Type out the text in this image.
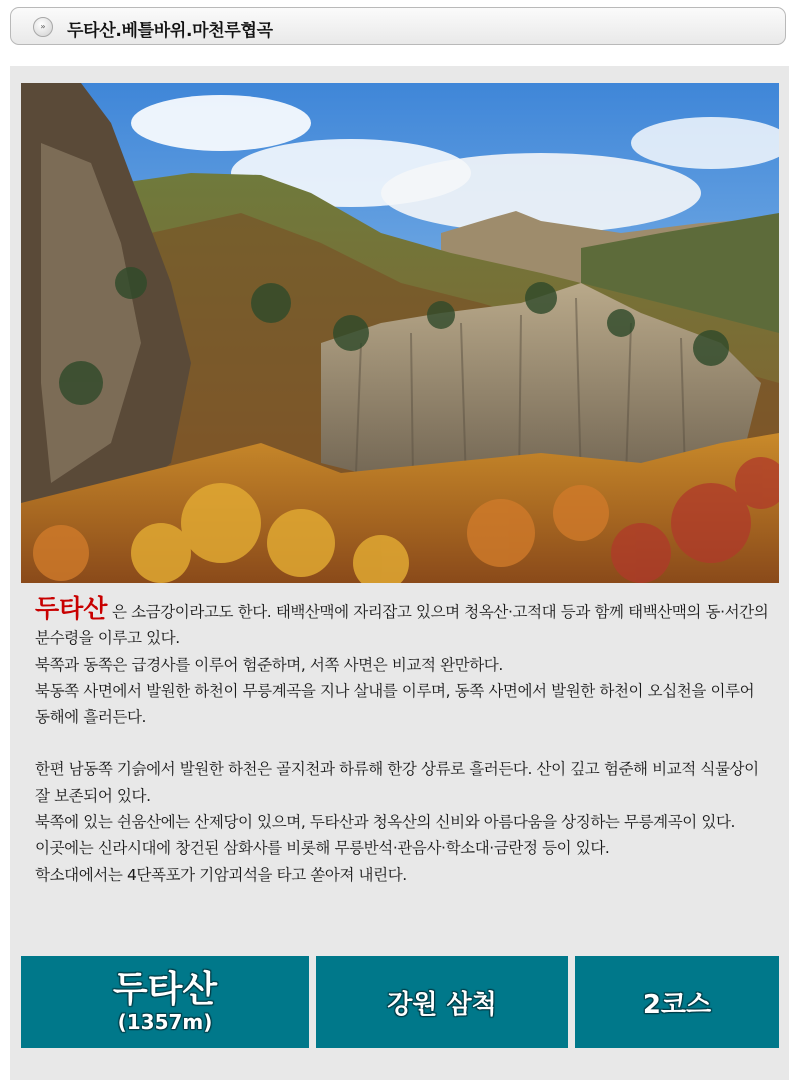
»	두타산.베틀바위.마천루협곡

두타산 은 소금강이라고도 한다. 태백산맥에 자리잡고 있으며 청옥산·고적대 등과 함께 태백산맥의 동·서간의 분수령을 이루고 있다.

북쪽과 동쪽은 급경사를 이루어 험준하며, 서쪽 사면은 비교적 완만하다.

북동쪽 사면에서 발원한 하천이 무릉계곡을 지나 살내를 이루며, 동쪽 사면에서 발원한 하천이 오십천을 이루어 동해에 흘러든다.

한편 남동쪽 기슭에서 발원한 하천은 골지천과 하류해 한강 상류로 흘러든다. 산이 깊고 험준해 비교적 식물상이 잘 보존되어 있다.

북쪽에 있는 쉰움산에는 산제당이 있으며, 두타산과 청옥산의 신비와 아름다움을 상징하는 무릉계곡이 있다.

이곳에는 신라시대에 창건된 삼화사를 비롯해 무릉반석·관음사·학소대·금란정 등이 있다.

학소대에서는 4단폭포가 기암괴석을 타고 쏟아져 내린다.

두타산
(1357m)
강원 삼척	2코스
